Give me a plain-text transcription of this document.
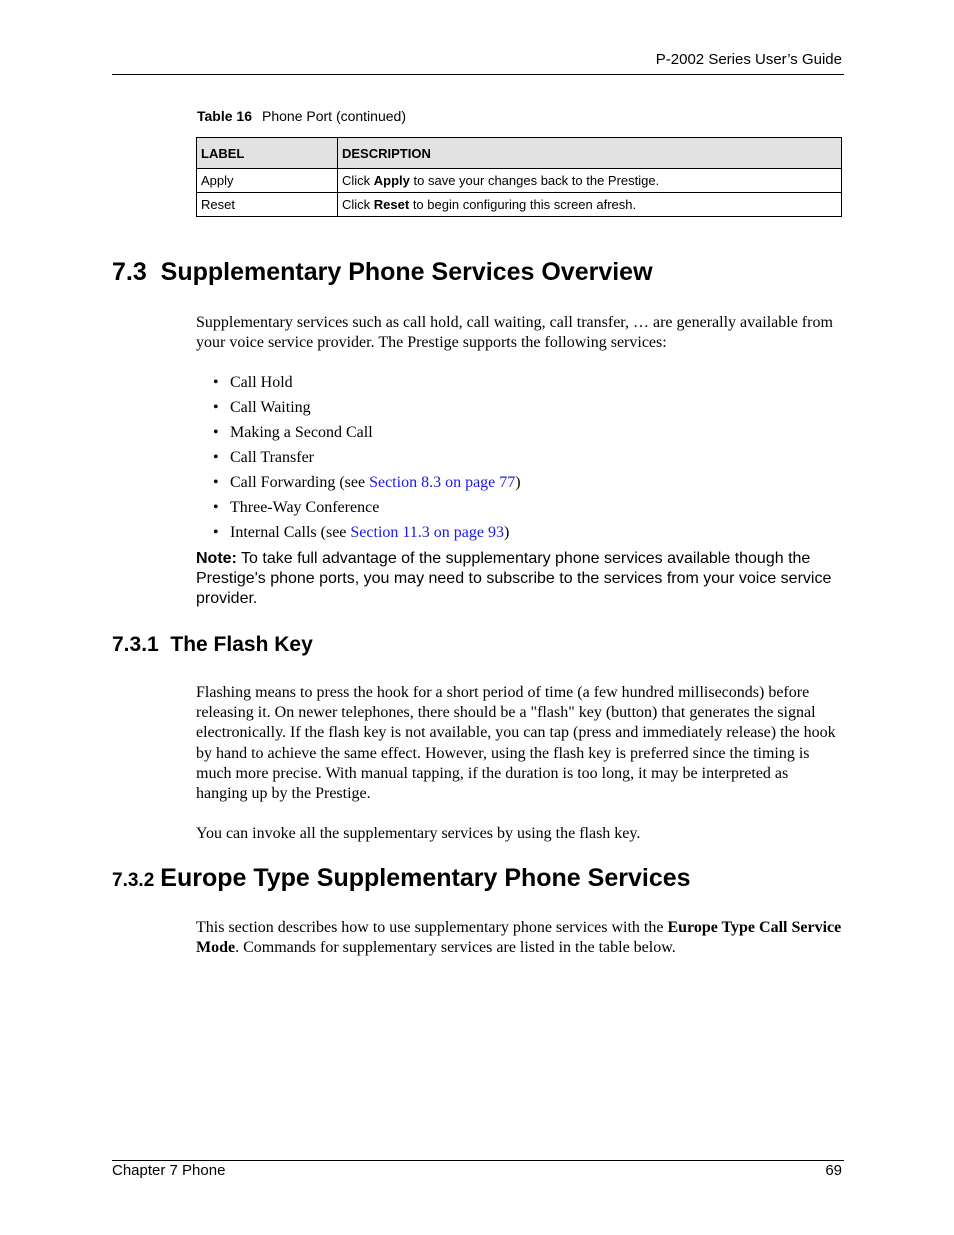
P-2002 Series User’s Guide
Table 16 Phone Port (continued)
LABEL	DESCRIPTION
Apply	Click Apply to save your changes back to the Prestige.
Reset	Click Reset to begin configuring this screen afresh.
7.3  Supplementary Phone Services Overview
Supplementary services such as call hold, call waiting, call transfer, … are generally available from your voice service provider. The Prestige supports the following services:
• Call Hold
• Call Waiting
• Making a Second Call
• Call Transfer
• Call Forwarding (see Section 8.3 on page 77)
• Three-Way Conference
• Internal Calls (see Section 11.3 on page 93)
Note: To take full advantage of the supplementary phone services available though the Prestige's phone ports, you may need to subscribe to the services from your voice service provider.
7.3.1  The Flash Key
Flashing means to press the hook for a short period of time (a few hundred milliseconds) before releasing it. On newer telephones, there should be a "flash" key (button) that generates the signal electronically. If the flash key is not available, you can tap (press and immediately release) the hook by hand to achieve the same effect. However, using the flash key is preferred since the timing is much more precise. With manual tapping, if the duration is too long, it may be interpreted as hanging up by the Prestige.
You can invoke all the supplementary services by using the flash key.
7.3.2 Europe Type Supplementary Phone Services
This section describes how to use supplementary phone services with the Europe Type Call Service Mode. Commands for supplementary services are listed in the table below.
Chapter 7 Phone	69
